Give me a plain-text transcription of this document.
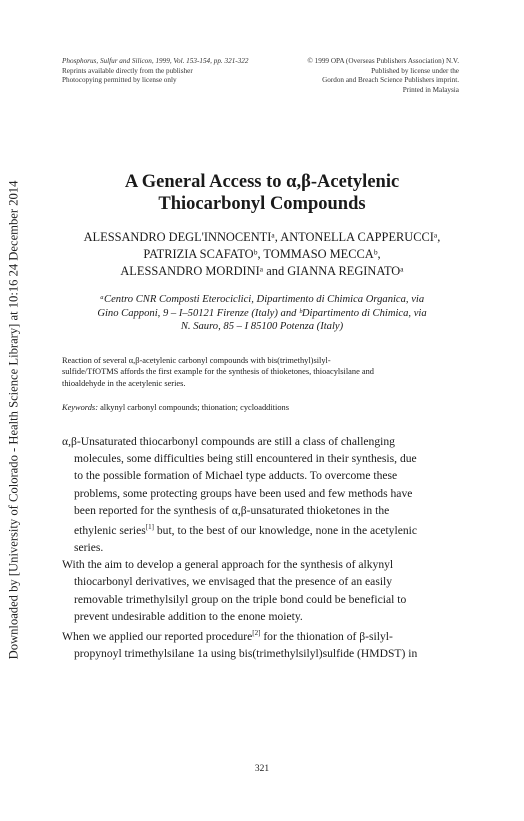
Downloaded by [University of Colorado - Health Science Library] at 10:16 24 December 2014
Phosphorus, Sulfur and Silicon, 1999, Vol. 153-154, pp. 321-322
Reprints available directly from the publisher
Photocopying permitted by license only
© 1999 OPA (Overseas Publishers Association) N.V.
Published by license under the
Gordon and Breach Science Publishers imprint.
Printed in Malaysia
A General Access to α,β-Acetylenic
Thiocarbonyl Compounds
ALESSANDRO DEGL'INNOCENTIᵃ, ANTONELLA CAPPERUCCIᵃ,
PATRIZIA SCAFATOᵇ, TOMMASO MECCAᵇ,
ALESSANDRO MORDINIᵃ and GIANNA REGINATOᵃ
ᵃCentro CNR Composti Eterociclici, Dipartimento di Chimica Organica, via
Gino Capponi, 9 – I–50121 Firenze (Italy) and ᵇDipartimento di Chimica, via
N. Sauro, 85 – I 85100 Potenza (Italy)
Reaction of several α,β-acetylenic carbonyl compounds with bis(trimethyl)silyl-
sulfide/TfOTMS affords the first example for the synthesis of thioketones, thioacylsilane and
thioaldehyde in the acetylenic series.
Keywords: alkynyl carbonyl compounds; thionation; cycloadditions
α,β-Unsaturated thiocarbonyl compounds are still a class of challenging
molecules, some difficulties being still encountered in their synthesis, due
to the possible formation of Michael type adducts. To overcome these
problems, some protecting groups have been used and few methods have
been reported for the synthesis of α,β-unsaturated thioketones in the
ethylenic series[1] but, to the best of our knowledge, none in the acetylenic
series.
With the aim to develop a general approach for the synthesis of alkynyl
thiocarbonyl derivatives, we envisaged that the presence of an easily
removable trimethylsilyl group on the triple bond could be beneficial to
prevent undesirable addition to the enone moiety.
When we applied our reported procedure[2] for the thionation of β-silyl-
propynoyl trimethylsilane 1a using bis(trimethylsilyl)sulfide (HMDST) in
321
